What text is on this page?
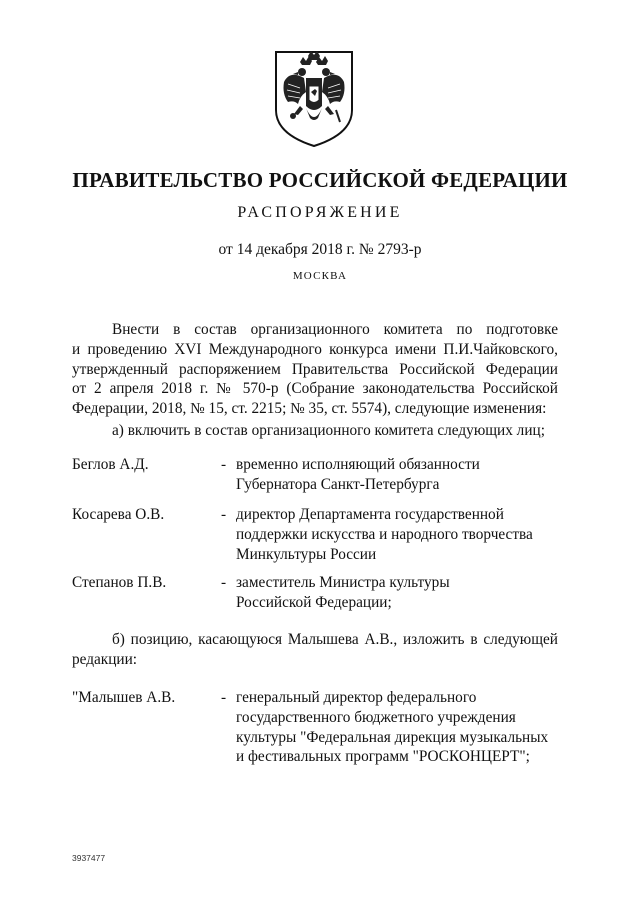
ПРАВИТЕЛЬСТВО РОССИЙСКОЙ ФЕДЕРАЦИИ
РАСПОРЯЖЕНИЕ
от 14 декабря 2018 г. № 2793-р
МОСКВА

Внести в состав организационного комитета по подготовке

и проведению XVI Международного конкурса имени П.И.Чайковского,

утвержденный распоряжением Правительства Российской Федерации

от 2 апреля 2018 г. № 570-р (Собрание законодательства Российской

Федерации, 2018, № 15, ст. 2215; № 35, ст. 5574), следующие изменения:

а) включить в состав организационного комитета следующих лиц;

Беглов А.Д.	- временно исполняющий обязанности
Губернатора Санкт-Петербурга
Косарева О.В.	- директор Департамента государственной
поддержки искусства и народного творчества
Минкультуры России
Степанов П.В.	- заместитель Министра культуры
Российской Федерации;

б) позицию, касающуюся Малышева А.В., изложить в следующей

редакции:

"Малышев А.В.	- генеральный директор федерального
государственного бюджетного учреждения
культуры "Федеральная дирекция музыкальных
и фестивальных программ "РОСКОНЦЕРТ";
3937477
